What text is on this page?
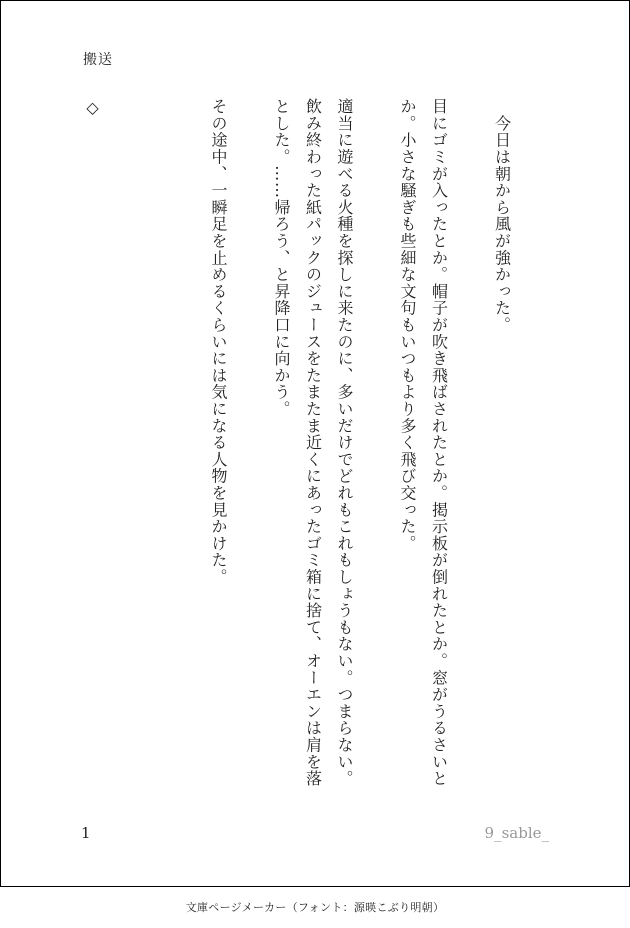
搬送

　今日は朝から風が強かった。

目にゴミが入ったとか。帽子が吹き飛ばされたとか。掲示板が倒れたとか。窓がうるさいとか。小さな騒ぎも些細な文句もいつもより多く飛び交った。

適当に遊べる火種を探しに来たのに、多いだけでどれもこれもしょうもない。つまらない。飲み終わった紙パックのジュースをたまたま近くにあったゴミ箱に捨て、オーエンは肩を落とした。……帰ろう、と昇降口に向かう。

その途中、一瞬足を止めるくらいには気になる人物を見かけた。

◇

1	9_sable_
文庫ページメーカー（フォント：源暎こぶり明朝）
